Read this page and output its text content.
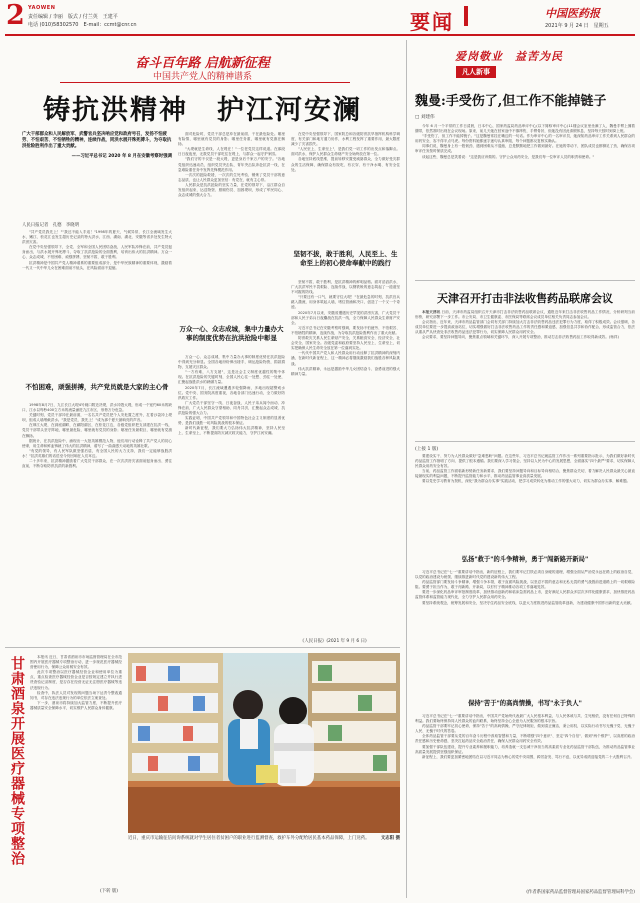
2 YAOWEN
责任编辑 / 李丽　版式 / 付兰英　王建平
电话 (010)58302570　E-mail：ccmt@cnr.cn	要闻	中国医药报
2021年 9 月 24 日　星期五
奋斗百年路 启航新征程
中国共产党人的精神谱系
铸抗洪精神　护江河安澜
广大干部群众和人民解放军、武警官兵坚决响应党和政府号召，发扬不怕疲劳、不怕艰苦、不怕牺牲的精神，连续作战，同洪水展开殊死搏斗，为夺取抗洪抢险胜利作出了重大贡献。
——习近平总书记 2020 年 8 月在安徽考察时强调
人民日报记者　孔德　李晓明

"共产党员我先上！""我还不能入手返！"1998年的夏天，气候异常，长江全流域发生大水，嫩江、松花江也发生超历史记录的特大洪水，江西、湖南、湖北、安徽等省多处发生特大洪涝灾害。

在党中央坚强领导下，全党、全军和全国人民团结奋战，人民军队冲锋在前，共产党员挺身而出，与洪水展开殊死搏斗，夺取了抗洪抢险的全面胜利，培育出伟大的抗洪精神。万众一心、众志成城，不怕困难、顽强拼搏，坚韧不拔、敢于胜利。

抗洪精神是中国共产党人精神谱系的重要组成部分，是中华民族精神的重要体现，激励着一代又一代中华儿女在困难面前不低头，在风险面前不退缩。

不怕困难，顽强拼搏，共产党员就是大家的主心骨

1998年8月7日，九江长江大堤4号闸口附近决堤，洪水冲毁大堤，形成一个宽约60米的缺口，江水以每秒400立方米的流量涌进九江市区，形势万分危急。

关键时刻，党员干部冲在最前面，一名名共产党员把个人安危置之度外，扛着沙袋冲上堤坝，组成人墙堵截洪水。"我是党员，我先上！"成为那个夏天最响亮的声音。

在荆江大堤，在洞庭湖畔，在鄱阳湖区，在松花江边，各级党组织把支部建在抗洪一线，党员干部带头坚守阵地，哪里最危险，哪里就有党员的身影；哪里任务最艰巨，哪里就有党旗在飘扬。

据统计，在抗洪抢险中，涌现出一大批英雄模范人物，他们用行动诠释了共产党人的初心使命，用生命和鲜血铸就了伟大的抗洪精神，谱写了一曲曲感天动地的英雄壮歌。

"有党的领导，有人民军队做坚强后盾，有全国人民的大力支持，我们一定能够战胜洪水！"抗洪英雄们的话语至今仍回响在人们耳边。

二十多年来，抗洪精神激励着广大党员干部群众，在一次次洪涝灾害面前挺身而出、勇往直前，不断夺取防汛抗洪的新胜利。

面对危险时，党员干部总是冲在最前面、干在最危险处。哪里有险情，哪里就有党员的身影；哪里任务重，哪里就有党旗在飘扬。

"大堤就是生命线，人在堤在！"一位老党员这样说道。在那段日日夜夜里，无数党员干部吃住在堤上，与群众一起守护家园。

"我们守的不仅是一段大堤，更是身后千家万户的安宁。"各地党组织迅速动员，组织党员突击队、青年突击队奔赴抗洪一线，在急难险重任务中发挥先锋模范作用。

一次次的抢险救援，一次次的生死考验，锤炼了党员干部的意志品质，也让人民群众更加坚信：有党在，就有主心骨。

人民群众是抗洪抢险的坚实力量，在党的领导下，沿江群众自发组织起来，运送物资、照顾伤员、加固堤坝，形成了军民同心、众志成城的强大合力。

万众一心、众志成城，集中力量办大事的制度优势在抗洪抢险中彰显

万众一心、众志成城，集中力量办大事的制度优势在抗洪抢险中得到充分彰显。全国各地纷纷伸出援手，调运抢险物资，捐款捐物，支援灾区群众。

"一方有难，八方支援"，这是社会主义制度优越性的集中体现。在抗洪抢险的关键时刻，全国人民心往一处想、劲往一处使，汇聚起战胜洪水的磅礴力量。

2020年7月，长江流域遭遇多轮强降雨，多地出现超警戒水位。党中央、国务院高度重视，各地各部门迅速行动，全力做好防汛救灾工作。

广大党员干部坚守一线、日夜奋战，人民子弟兵闻令而动、冲锋在前，广大人民群众守望相助、同舟共济，汇聚起众志成城、抗洪抢险的强大合力。

实践证明，中国共产党领导和中国特色社会主义制度的显著优势，是我们战胜一切风险挑战的根本保证。

新时代新征程，我们要大力弘扬伟大抗洪精神，坚持人民至上、生命至上，不断提高防灾减灾救灾能力，守护江河安澜。

在党中央坚强领导下，国家防总和各级防汛抗旱指挥机构科学调度，有关部门和地方通力协作，水利工程发挥了重要作用，最大限度减少了灾害损失。

"人民至上，生命至上"，是我们党一切工作的出发点和落脚点。面对洪水，保护人民群众生命财产安全始终放在第一位。

各地坚持底线思维，提前转移安置受威胁群众，全力做好受灾群众的生活保障，确保群众有饭吃、有衣穿、有干净水喝、有安全住处。

坚韧不拔，敢于胜利，人民至上、生命至上的初心使命奉献中的践行

坚韧不拔、敢于胜利，是抗洪精神的鲜明品格。面对滔滔洪水，广大抗洪军民不畏艰险、连续作战，以钢铁般的意志筑起了一道道坚不可摧的防线。

"只要还有一口气，就要守住大堤！"在最危急的时刻，抗洪官兵跳入激流，用身体筑起人墙，堵住管涌和决口，创造了一个又一个奇迹。

2020年7月以来，安徽省遭遇历史罕见的洪涝灾害，广大党员干部和人民子弟兵日夜鏖战在抗洪一线，全力保障人民群众生命财产安全。

习近平总书记在安徽考察时强调，要发扬不怕疲劳、不怕艰苦、不怕牺牲的精神，连续作战，为夺取抗洪抢险胜利作出了重大贡献。

防汛救灾关系人民生命财产安全，关系粮食安全、经济安全、社会安全、国家安全。各级党委和政府要坚持人民至上、生命至上，切实把确保人民生命安全放在第一位落到实处。

一代代中国共产党人和人民群众用行动诠释了抗洪精神的深刻内涵，在新时代新征程上，这一精神必将继续激励我们战胜各种风险挑战。

伟大抗洪精神，永远是激励中华儿女团结奋斗、奋勇前进的强大精神力量。

《人民日报》(2021 年 9 月 6 日)
甘肃酒泉开展医疗器械专项整治	本报讯 近日，甘肃省酒泉市市场监督管理局在全市范围内开展医疗器械专项整治行动，进一步规范医疗器械经营使用行为，保障公众用械安全有效。

此次专项整治以医疗器械经营企业和使用单位为重点，重点检查医疗器械经营企业是否按规定建立并执行进货查验记录制度，是否存在经营无证无注册医疗器械等违法违规行为。

检查中，执法人员对发现的问题当场下达责令整改通知书，对存在违法违规行为的单位依法立案查处。

下一步，酒泉市将持续加大监管力度，不断提升医疗器械质量安全保障水平，切实维护人民群众身体健康。

(下转 版)
近日，重庆市运输征信问询系统就对学生居住者贫困户的职业进行监测督查，救护车外分配给居民基本药品保障，上门送药。	文志阳 摄
爱岗敬业　益苦为民
凡人新事
魏曼:手受伤了,但工作不能掉链子
□ 刘建伟

今年 6 月一个平常的工作日清晨，日本中心，国家药监局药品审评中心(以下简称审评中心)11楼会议室里坐满了人，魏曼手臂上缠着绷带，依然准时出现在会议现场。原来，前几天她在回家途中不慎摔伤，手臂骨折，但她没有因此请假休息，坚持每天按时到岗上班。

"手受伤了，但工作不能掉链子。"这是魏曼常挂在嘴边的一句话。作为审评中心的一名审评员，她深知药品审评工作关系到人民群众的用药安全，容不得半点马虎。每份资料她都逐字逐句认真审阅，每个问题都反复核实确认。

同事们说，魏曼身上有一股韧劲，遇到困难从不退缩，总是默默地把工作做到最好。在她的带动下，团队成员也都铆足了劲，确保各项审评任务按时保质完成。

谈起这些，魏曼总是笑着说："这是我应该做的。守护公众用药安全，是我们每一位审评人员的职责和使命。"

天津召开打击非法收售药品联席会议

本报天津讯 日前，天津市药监局组织召开天津市打击非法收售药品联席会议，通报近年来打击非法收售药品工作情况，分析研判当前形势，研究部署下一步工作。市公安局、市卫生健康委、市医保局等联席会议成员单位相关负责同志参加会议。

会议指出，近年来，天津市药品监管部门会同有关部门持续加大打击非法收售药品违法犯罪行为力度，取得了积极成效。会议强调，各成员单位要进一步提高政治站位，切实增强做好打击非法收售药品工作的责任感和紧迫感，加强信息共享和协作配合，形成监管合力，依法从重从严从快查处非法收售药品违法犯罪行为，切实保障人民群众用药安全。

会议要求，要坚持问题导向，聚焦重点领域和关键环节，深入开展专项整治，推动打击非法收售药品工作取得新成效。(杨祥)

(上接 1 版)

要建设实干、努力为人民群众做好"急难愁盼"问题。在这些年，习近平总书记就监管工作作出一系列重要指示批示，为我们做好新时代药品监管工作指明了方向、提供了根本遵循。我们要深入学习领会，坚持以人民为中心的发展思想，全面落实"四个最严"要求，切实保障人民群众用药安全有效。

当前，药品监管工作面临新形势新任务新要求，我们要坚持问题导向和目标导向相结合，聚焦群众关切，着力解决人民群众最关心最直接最现实的利益问题，不断提升监管能力和水平，推动药品监管事业高质量发展。

要以党史学习教育为契机，深化"我为群众办实事"实践活动，把学习成效转化为推动工作的强大动力，切实为群众办实事、解难题。

弘扬"救于"的斗争精神，勇于"闯新路开新局"

习近平总书记在"七一"重要讲话中指出，新的征程上，我们要牢记打铁必须自身硬的道理，增强全面从严治党永远在路上的政治自觉，以党的政治建设为统领，继续推进新时代党的建设新的伟大工程。

药品监管部门要发扬斗争精神，增强斗争本领，敢于直面风险挑战，以坚忍不拔的意志和无私无畏的勇气战胜前进道路上的一切艰难险阻。要勇于担当作为，敢于闯新路、开新局，以钉钉子精神推动各项工作落地见效。

要进一步深化药品审评审批制度改革，加快推动创新药和临床急需药品上市，更好满足人民群众多层次多样化健康需求，加快推进药品监管体系和监管能力现代化，全力守护人民群众用药安全。

要坚持系统观念，统筹发展和安全，坚决守住药品安全底线，以更大力度推进药品监管改革创新，为建设健康中国作出新的更大贡献。

保持"苦于"的高尚情操，书写"永于负人"

习近平总书记在"七一"重要讲话中指出，中国共产党始终代表最广大人民根本利益，与人民休戚与共、生死相依，没有任何自己特殊的利益。我们要始终保持同人民群众的血肉联系，始终坚持全心全意为人民服务的根本宗旨。

药品监管干部要牢记初心使命，保持"苦于"的高尚情操，严守纪律规矩，做到清正廉洁，秉公用权，以实际行动书写无愧于党、无愧于人民、无愧于时代的答卷。

全体药品监管干部要从党的百年奋斗历程中汲取智慧和力量，不断增强"四个意识"、坚定"四个自信"、做到"两个维护"，以高度的政治责任感和历史使命感，坚决扛起药品安全政治责任，确保人民群众用药安全有效。

要加强干部队伍建设，提升专业素养和履职能力，培养造就一支忠诚干净担当的高素质专业化药品监管干部队伍，为推动药品监管事业高质量发展提供坚强组织保证。

新征程上，我们要更加紧密地团结在以习近平同志为核心的党中央周围，踔厉奋发、笃行不怠，以优异成绩迎接党的二十大胜利召开。

(作者系国家药品监督管理局国家药品监督管理局科学会)
